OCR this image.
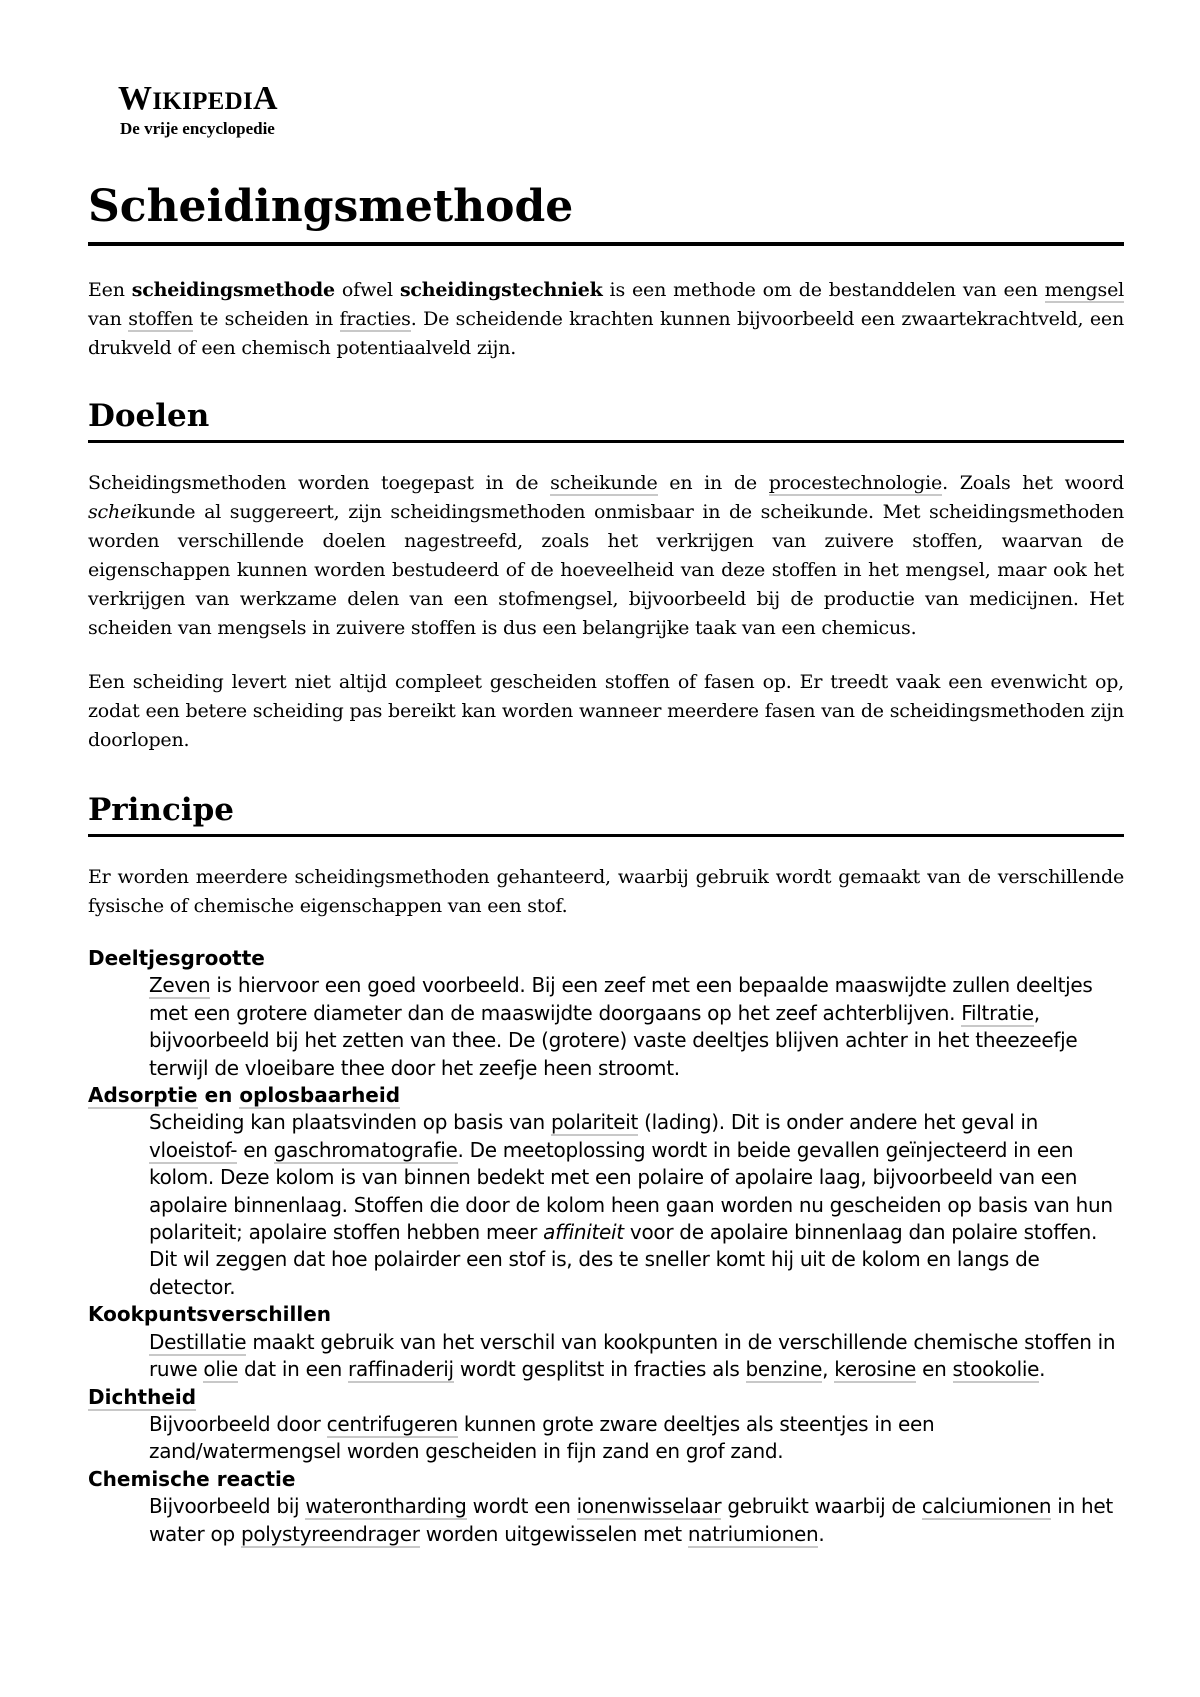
WIKIPEDIA
De vrije encyclopedie
Scheidingsmethode

Een scheidingsmethode ofwel scheidingstechniek is een methode om de bestanddelen van een mengsel van stoffen te scheiden in fracties. De scheidende krachten kunnen bijvoorbeeld een zwaartekrachtveld, een drukveld of een chemisch potentiaalveld zijn.

Doelen

Scheidingsmethoden worden toegepast in de scheikunde en in de procestechnologie. Zoals het woord scheikunde al suggereert, zijn scheidingsmethoden onmisbaar in de scheikunde. Met scheidingsmethoden worden verschillende doelen nagestreefd, zoals het verkrijgen van zuivere stoffen, waarvan de eigenschappen kunnen worden bestudeerd of de hoeveelheid van deze stoffen in het mengsel, maar ook het verkrijgen van werkzame delen van een stofmengsel, bijvoorbeeld bij de productie van medicijnen. Het scheiden van mengsels in zuivere stoffen is dus een belangrijke taak van een chemicus.

Een scheiding levert niet altijd compleet gescheiden stoffen of fasen op. Er treedt vaak een evenwicht op, zodat een betere scheiding pas bereikt kan worden wanneer meerdere fasen van de scheidingsmethoden zijn doorlopen.

Principe

Er worden meerdere scheidingsmethoden gehanteerd, waarbij gebruik wordt gemaakt van de verschillende fysische of chemische eigenschappen van een stof.

Deeltjesgrootte
Zeven is hiervoor een goed voorbeeld. Bij een zeef met een bepaalde maaswijdte zullen deeltjes met een grotere diameter dan de maaswijdte doorgaans op het zeef achterblijven. Filtratie, bijvoorbeeld bij het zetten van thee. De (grotere) vaste deeltjes blijven achter in het theezeefje terwijl de vloeibare thee door het zeefje heen stroomt.
Adsorptie en oplosbaarheid
Scheiding kan plaatsvinden op basis van polariteit (lading). Dit is onder andere het geval in vloeistof- en gaschromatografie. De meetoplossing wordt in beide gevallen geïnjecteerd in een kolom. Deze kolom is van binnen bedekt met een polaire of apolaire laag, bijvoorbeeld van een apolaire binnenlaag. Stoffen die door de kolom heen gaan worden nu gescheiden op basis van hun polariteit; apolaire stoffen hebben meer affiniteit voor de apolaire binnenlaag dan polaire stoffen. Dit wil zeggen dat hoe polairder een stof is, des te sneller komt hij uit de kolom en langs de detector.
Kookpuntsverschillen
Destillatie maakt gebruik van het verschil van kookpunten in de verschillende chemische stoffen in ruwe olie dat in een raffinaderij wordt gesplitst in fracties als benzine, kerosine en stookolie.
Dichtheid
Bijvoorbeeld door centrifugeren kunnen grote zware deeltjes als steentjes in een zand/watermengsel worden gescheiden in fijn zand en grof zand.
Chemische reactie
Bijvoorbeeld bij waterontharding wordt een ionenwisselaar gebruikt waarbij de calciumionen in het water op polystyreendrager worden uitgewisselen met natriumionen.
